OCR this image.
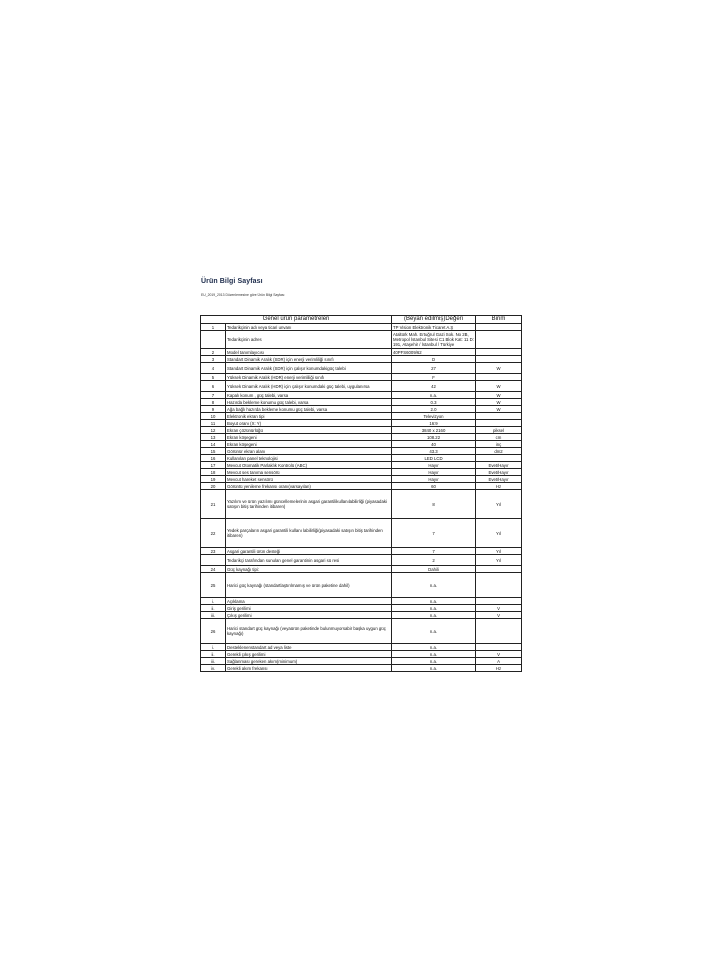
Ürün Bilgi Sayfası
EU_2019_2013 Düzenlemesine göre Ürün Bilgi Sayfası
Genel ürün parametreleri		(Beyan edilmiş)Değeri	Birim
1	Tedarikçinin adı veya ticari unvanı	TP Vision Elektronik Ticaret A.Ş	
	Tedarikçinin adres	Ataltürk Mah. Ertuğrul Gazi Sok. No 2B, Metropol İstanbul Sitesi C1 Blok Kat: 11 D: 191, Ataşehir / İstanbul / Türkiye	
2	Model tanımlayıcısı	40PFS6009/62	
3	Standart Dinamik Aralık (SDR) için enerji verimliliği sınıfı	D	
4	Standart Dinamik Aralık (SDR) için çalışır konumdakigüç talebi	27	W
5	Yüksek Dinamik Aralık (HDR) enerji verimliliği sınıfı	F	
6	Yüksek Dinamik Aralık (HDR) için çalışır konumdaki güç talebi, uygulanırsa	42	W
7	Kapalı konum , güç talebi, varsa	n.a.	W
8	Hazırda bekleme konumu güç talebi, varsa	0.3	W
9	Ağa bağlı hazırda bekleme konumu güç talebi, varsa	2.0	W
10	Elektronik ekran tipi	Televizyon	
11	Boyut oranı (X: Y)	16:9	
12	Ekran çözünürlüğü	3840 x 2160	piksel
13	Ekran köşegeni	108.22	cm
14	Ekran köşegeni	40	inç
15	Görünür ekran alanı	43.3	dm2
16	Kullanılan panel teknolojisi	LED LCD	
17	Mevcut Otomatik Parlaklık Kontrolü (ABC)	Hayır	Evet/Hayır
18	Mevcut ses tanıma sensörü	Hayır	Evet/Hayır
19	Mevcut hareket sensörü	Hayır	Evet/Hayır
20	Görüntü yenileme frekansı oranı(varsayılan)	60	Hz
21	Yazılım ve ürün yazılımı güncellemelerinin asgari garantilikullanılabilirliği (piyasadaki satışın bitiş tarihinden itibaren)	8	Yıl
22	Yedek parçaların asgari garantili kullanı labilirliği(piyasadaki satışın bitiş tarihinden itibaren)	7	Yıl
23	Asgari garantili ürün desteği	7	Yıl
	Tedarikçi tarafından sunulan genel garantinin asgari sü resi	2	Yıl
24	Güç kaynağı tipi:	Dahili	
25	Harici güç kaynağı (standartlaştırılmamış ve ürün paketine dahil)	n.a.	
i.	Açıklama	n.a.	
ii.	Giriş gerilimi	n.a.	V
iii.	Çıkış gerilimi	n.a.	V
26	Harici standart güç kaynağı (veyaürün paketinde bulunmuyorsabir başka uygun güç kaynağı)	n.a.	
i.	Desteklenenstandart ad veya liste	n.a.	
ii.	Gerekli çıkış gerilimi	n.a.	V
iii.	Sağlanması gereken akım(minimum)	n.a.	A
iv.	Gerekli akım frekansı	n.a.	Hz
